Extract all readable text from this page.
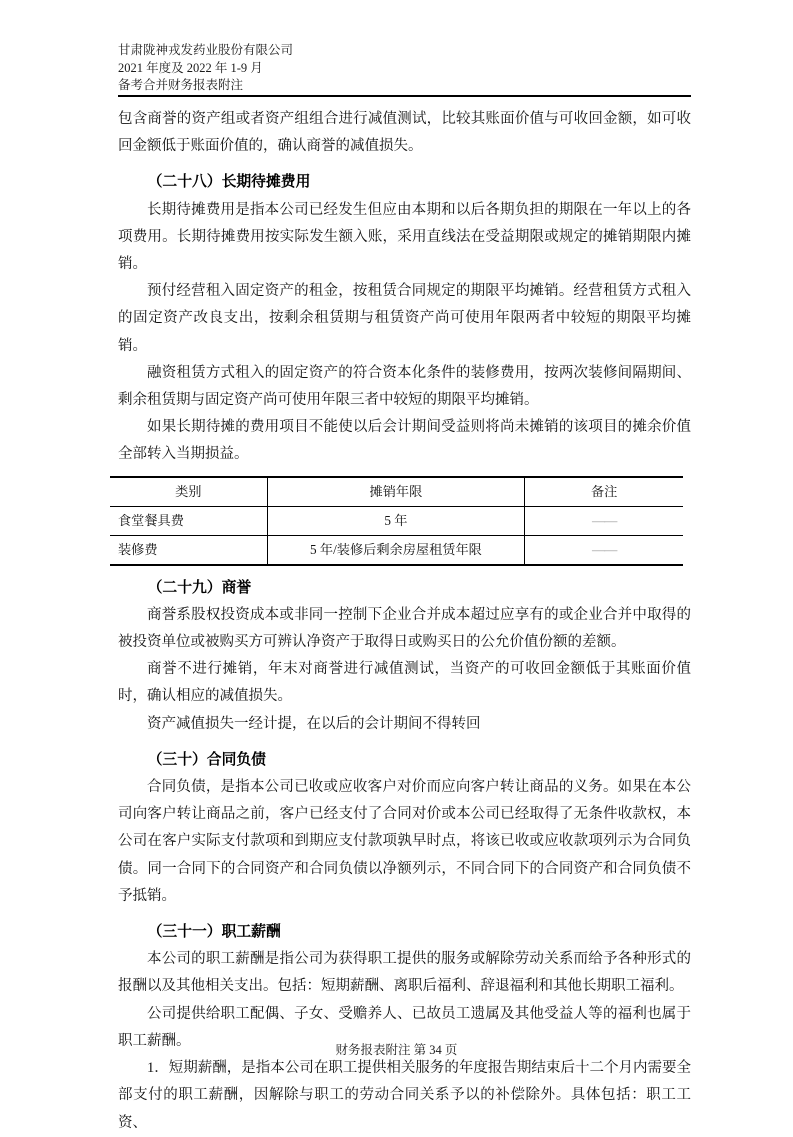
甘肃陇神戎发药业股份有限公司
2021 年度及 2022 年 1-9 月
备考合并财务报表附注

包含商誉的资产组或者资产组组合进行减值测试，比较其账面价值与可收回金额，如可收回金额低于账面价值的，确认商誉的减值损失。

（二十八）长期待摊费用

长期待摊费用是指本公司已经发生但应由本期和以后各期负担的期限在一年以上的各项费用。长期待摊费用按实际发生额入账，采用直线法在受益期限或规定的摊销期限内摊销。

预付经营租入固定资产的租金，按租赁合同规定的期限平均摊销。经营租赁方式租入的固定资产改良支出，按剩余租赁期与租赁资产尚可使用年限两者中较短的期限平均摊销。

融资租赁方式租入的固定资产的符合资本化条件的装修费用，按两次装修间隔期间、剩余租赁期与固定资产尚可使用年限三者中较短的期限平均摊销。

如果长期待摊的费用项目不能使以后会计期间受益则将尚未摊销的该项目的摊余价值全部转入当期损益。

类别	摊销年限	备注
食堂餐具费	5 年	——
装修费	5 年/装修后剩余房屋租赁年限	——
（二十九）商誉

商誉系股权投资成本或非同一控制下企业合并成本超过应享有的或企业合并中取得的被投资单位或被购买方可辨认净资产于取得日或购买日的公允价值份额的差额。

商誉不进行摊销，年末对商誉进行减值测试，当资产的可收回金额低于其账面价值时，确认相应的减值损失。

资产减值损失一经计提，在以后的会计期间不得转回

（三十）合同负债

合同负债，是指本公司已收或应收客户对价而应向客户转让商品的义务。如果在本公司向客户转让商品之前，客户已经支付了合同对价或本公司已经取得了无条件收款权，本公司在客户实际支付款项和到期应支付款项孰早时点，将该已收或应收款项列示为合同负债。同一合同下的合同资产和合同负债以净额列示，不同合同下的合同资产和合同负债不予抵销。

（三十一）职工薪酬

本公司的职工薪酬是指公司为获得职工提供的服务或解除劳动关系而给予各种形式的报酬以及其他相关支出。包括：短期薪酬、离职后福利、辞退福利和其他长期职工福利。

公司提供给职工配偶、子女、受赡养人、已故员工遗属及其他受益人等的福利也属于职工薪酬。

1．短期薪酬，是指本公司在职工提供相关服务的年度报告期结束后十二个月内需要全部支付的职工薪酬，因解除与职工的劳动合同关系予以的补偿除外。具体包括：职工工资、

财务报表附注 第 34 页
